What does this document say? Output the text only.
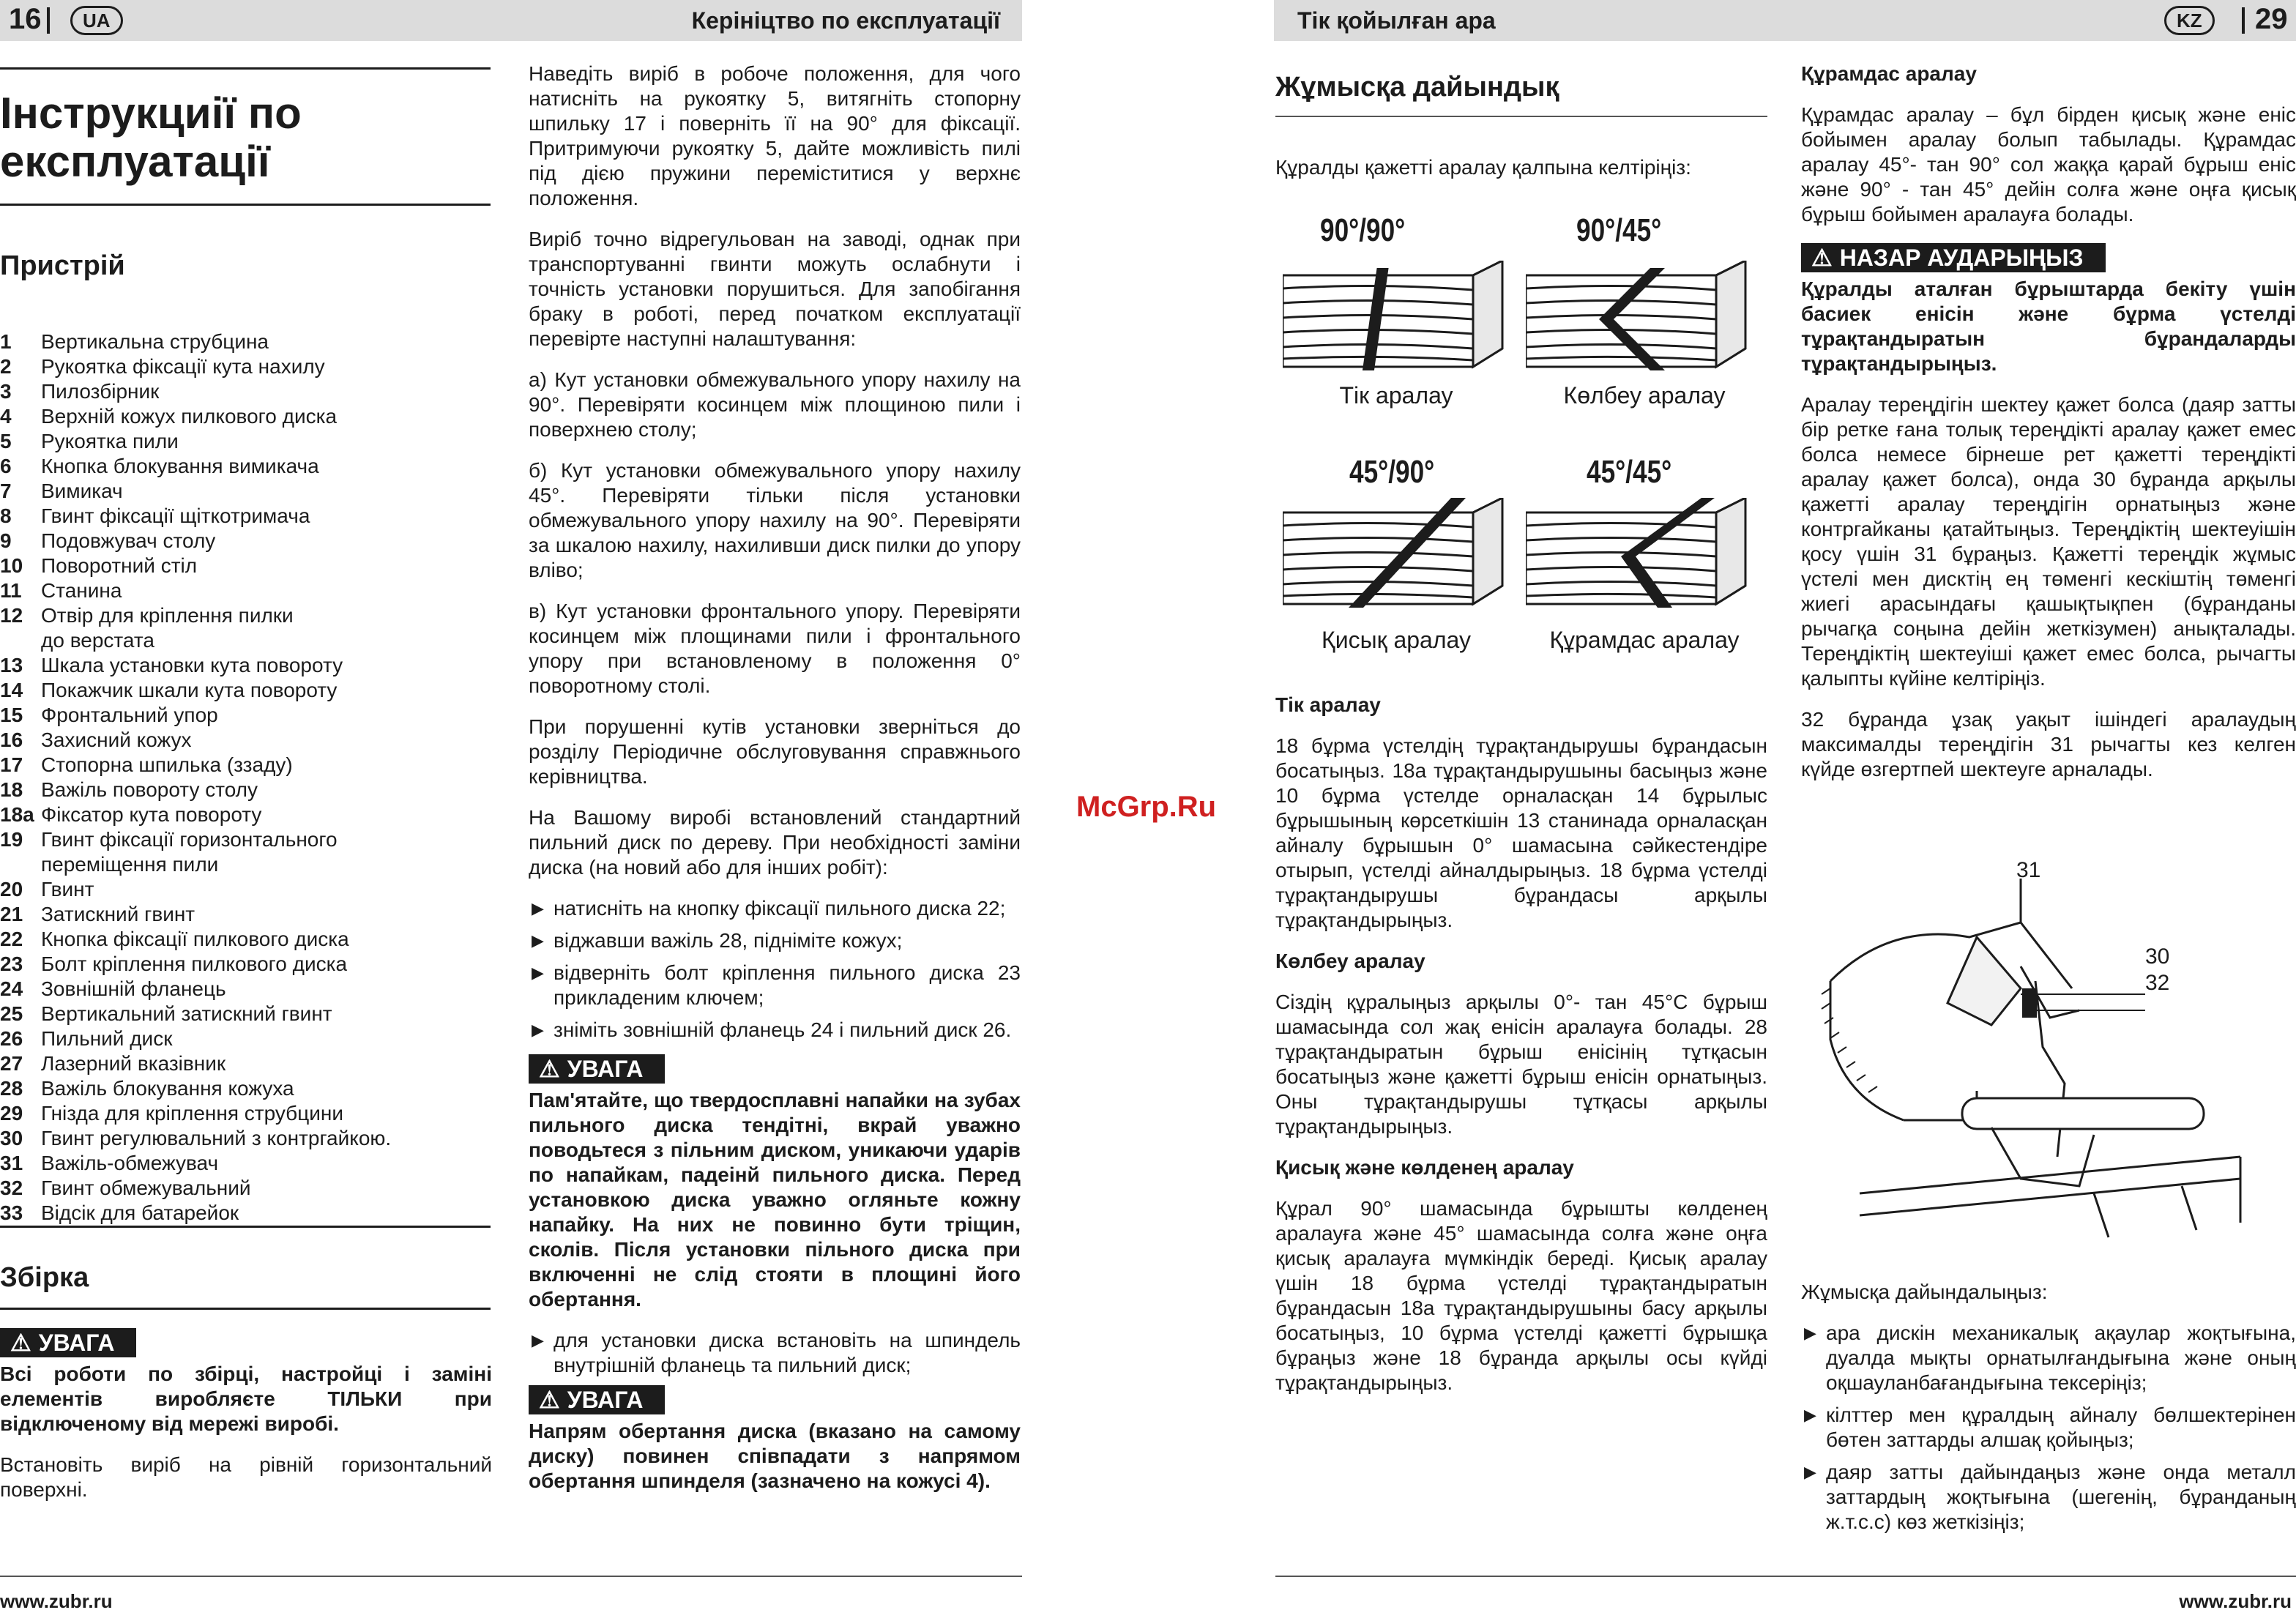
16	UA	Керініцтво по експлуатації	Тік қойылған ара	KZ	29
Інструкциії по експлуатації
Пристрій
1	Вертикальна струбцина
2	Рукоятка фіксації кута нахилу
3	Пилозбірник
4	Верхній кожух пилкового диска
5	Рукоятка пили
6	Кнопка блокування вимикача
7	Вимикач
8	Гвинт фіксації щіткотримача
9	Подовжувач столу
10 Поворотний стіл
11 Станина
12 Отвір для кріплення пилки
до верстата
13 Шкала установки кута повороту
14 Покажчик шкали кута повороту
15 Фронтальний упор
16 Захисний кожух
17 Стопорна шпилька (ззаду)
18 Важіль повороту столу
18a Фіксатор кута повороту
19 Гвинт фіксації горизонтального
переміщення пили
20 Гвинт
21 Затискний гвинт
22 Кнопка фіксації пилкового диска
23 Болт кріплення пилкового диска
24 Зовнішній фланець
25 Вертикальний затискний гвинт
26 Пильний диск
27 Лазерний вказівник
28 Важіль блокування кожуха
29 Гнізда для кріплення струбцини
30 Гвинт регулювальний з контргайкою.
31 Важіль-обмежувач
32 Гвинт обмежувальний
33 Відсік для батарейок
Збірка
⚠ УВАГА

Всі роботи по збірці, настройці і заміні елементів виробляєте ТІЛЬКИ при відключеному від мережі виробі.

Встановіть виріб на рівній горизонтальний поверхні.

Наведіть виріб в робоче положення, для чого натисніть на рукоятку 5, витягніть стопорну шпильку 17 і поверніть її на 90° для фіксації. Притримуючи рукоятку 5, дайте можливість пилі під дією пружини переміститися у верхнє положення.

Виріб точно відрегульован на заводі, однак при транспортуванні гвинти можуть ослабнути і точність установки порушиться. Для запобігання браку в роботі, перед початком експлуатації перевірте наступні налаштування:

а) Кут установки обмежувального упору нахилу на 90°. Перевіряти косинцем між площиною пили і поверхнею столу;

б) Кут установки обмежувального упору нахилу 45°. Перевіряти тільки після установки обмежувального упору нахилу на 90°. Перевіряти за шкалою нахилу, нахиливши диск пилки до упору вліво;

в) Кут установки фронтального упору. Перевіряти косинцем між площинами пили і фронтального упору при встановленому в положення 0° поворотному столі.

При порушенні кутів установки зверніться до розділу Періодичне обслуговування справжнього керівництва.

На Вашому виробі встановлений стандартний пильний диск по дереву. При необхідності заміни диска (на новий або для інших робіт):

▶ натисніть на кнопку фіксації пильного диска 22;
▶ віджавши важіль 28, підніміте кожух;
▶ відверніть болт кріплення пильного диска 23 прикладеним ключем;
▶ зніміть зовнішній фланець 24 і пильний диск 26.
⚠ УВАГА

Пам'ятайте, що твердосплавні напайки на зубах пильного диска тендітні, вкрай уважно поводьтеся з пільним диском, уникаючи ударів по напайкам, падеінй пильного диска. Перед установкою диска уважно огляньте кожну напайку. На них не повинно бути тріщин, сколів. Після установки пільного диска при включенні не слід стояти в площині його обертання.

▶ для установки диска встановіть на шпиндель внутрішній фланець та пильний диск;
⚠ УВАГА

Напрям обертання диска (вказано на самому диску) повинен співпадати з напрямом обертання шпинделя (зазначено на кожусі 4).

www.zubr.ru
McGrp.Ru
Жұмысқа дайындық
Құралды қажетті аралау қалпына келтіріңіз:
90°/90°
Тік аралау
90°/45°
Көлбеу аралау
45°/90°
Қисық аралау
45°/45°
Құрамдас аралау
Тік аралау

18 бұрма үстелдің тұрақтандырушы бұрандасын босатыңыз. 18a тұрақтандырушыны басыңыз және 10 бұрма үстелде орналасқан 14 бұрылыс бұрышының көрсеткішін 13 станинада орналасқан айналу бұрышын 0° шамасына сәйкестендіре отырып, үстелді айналдырыңыз. 18 бұрма үстелді тұрақтандырушы бұрандасы арқылы тұрақтандырыңыз.

Көлбеу аралау

Сіздің құралыңыз арқылы 0°- тан 45°С бұрыш шамасында сол жақ енісін аралауға болады. 28 тұрақтандыратын бұрыш енісінің тұтқасын босатыңыз және қажетті бұрыш енісін орнатыңыз. Оны тұрақтандырушы тұтқасы арқылы тұрақтандырыңыз.

Қисық және көлденең аралау

Құрал 90° шамасында бұрышты көлденең аралауға және 45° шамасында солға және оңға қисық аралауға мүмкіндік береді. Қисық аралау үшін 18 бұрма үстелді тұрақтандыратын бұрандасын 18a тұрақтандырушыны басу арқылы босатыңыз, 10 бұрма үстелді қажетті бұрышқа бұраңыз және 18 бұранда арқылы осы күйді тұрақтандырыңыз.

Құрамдас аралау

Құрамдас аралау – бұл бірден қисық және еніс бойымен аралау болып табылады. Құрамдас аралау 45°- тан 90° сол жаққа қарай бұрыш еніс және 90° - тан 45° дейін солға және оңға қисық бұрыш бойымен аралауға болады.

⚠ НАЗАР АУДАРЫҢЫЗ

Құралды аталған бұрыштарда бекіту үшін басиек енісін және бұрма үстелді тұрақтандыратын бұрандаларды тұрақтандырыңыз.

Аралау тереңдігін шектеу қажет болса (даяр затты бір ретке ғана толық тереңдікті аралау қажет емес болса немесе бірнеше рет қажетті тереңдікті аралау қажет болса), онда 30 бұранда арқылы қажетті аралау тереңдігін орнатыңыз және контргайканы қатайтыңыз. Тереңдіктің шектеуішін қосу үшін 31 бұраңыз. Қажетті тереңдік жұмыс үстелі мен дисктің ең төменгі кескіштің төменгі жиегі арасындағы қашықтықпен (бұранданы рычагқа соңына дейін жеткізумен) анықталады. Тереңдіктің шектеуіші қажет емес болса, рычагты қалыпты күйіне келтіріңіз.

32 бұранда ұзақ уақыт ішіндегі аралаудың максималды тереңдігін 31 рычагты кез келген күйде өзгертпей шектеуге арналады.

31
30
32

Жұмысқа дайындалыңыз:

▶ ара дискін механикалық ақаулар жоқтығына, дуалда мықты орнатылғандығына және оның оқшауланбағандығына тексеріңіз;
▶ кілттер мен құралдың айналу бөлшектерінен бөтен заттарды алшақ қойыңыз;
▶ даяр затты дайындаңыз және онда металл заттардың жоқтығына (шегенің, бұранданың ж.т.с.с) көз жеткізіңіз;
www.zubr.ru
